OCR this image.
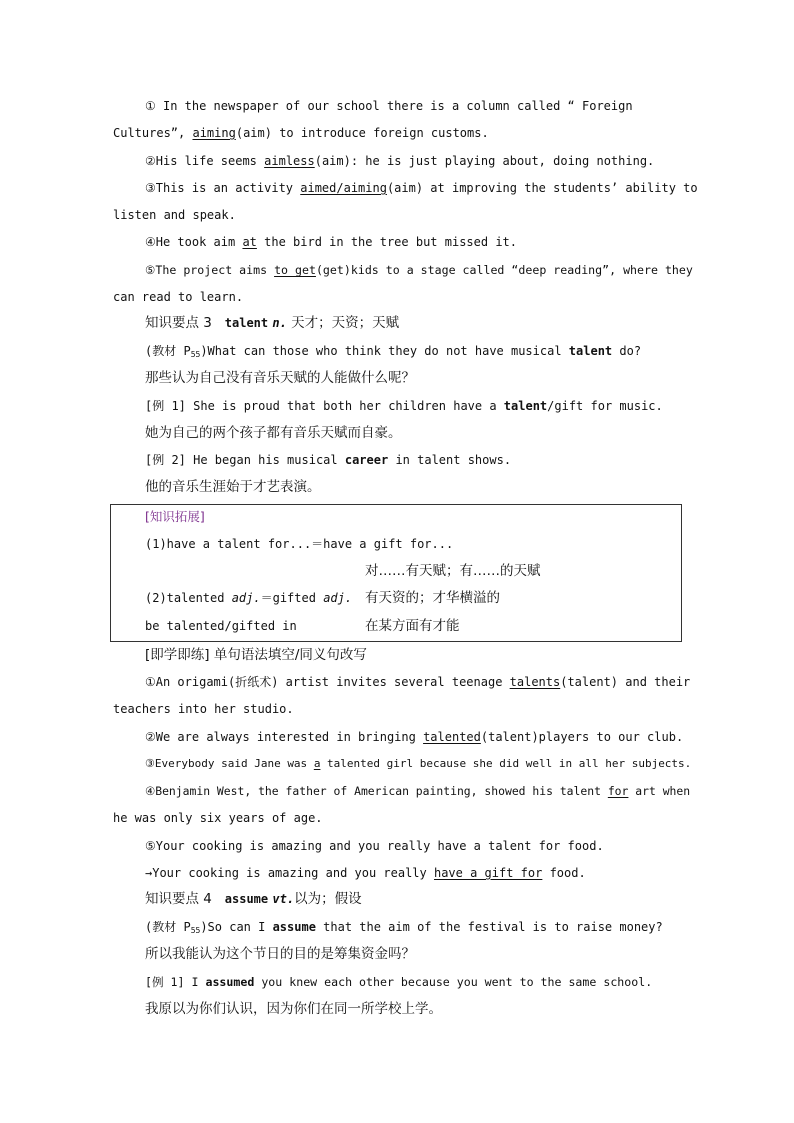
① In the newspaper of our school there is a column called “ Foreign
Cultures”, aiming(aim) to introduce foreign customs.
②His life seems aimless(aim): he is just playing about, doing nothing.
③This is an activity aimed/aiming(aim) at improving the students’ ability to
listen and speak.
④He took aim at the bird in the tree but missed it.
⑤The project aims to get(get)kids to a stage called “deep reading”, where they
can read to learn.
知识要点 3 talent n. 天才；天资；天赋
(教材 $P_{55})What$ can those who think they do not have musical talent do?
那些认为自己没有音乐天赋的人能做什么呢？
[例 1] She is proud that both her children have a talent/gift for music.
她为自己的两个孩子都有音乐天赋而自豪。
[例 2] He began his musical career in talent shows.
他的音乐生涯始于才艺表演。
[知识拓展]
(1)have a talent for...＝have a gift for...
对……有天赋；有……的天赋
(2)talented adj.＝gifted adj. 有天资的；才华横溢的
be talented/gifted in	在某方面有才能
[即学即练] 单句语法填空/同义句改写
①An origami(折纸术) artist invites several teenage talents(talent) and their
teachers into her studio.
②We are always interested in bringing talented(talent)players to our club.
③Everybody said Jane was a talented girl because she did well in all her subjects.
④Benjamin West, the father of American painting, showed his talent for art when
he was only six years of age.
⑤Your cooking is amazing and you really have a talent for food.
→Your cooking is amazing and you really have a gift for food.
知识要点 4 assume vt.以为；假设
(教材 $P_{55})So$ can I assume that the aim of the festival is to raise money?
所以我能认为这个节日的目的是筹集资金吗？
[例 1] I assumed you knew each other because you went to the same school.
我原以为你们认识，因为你们在同一所学校上学。
